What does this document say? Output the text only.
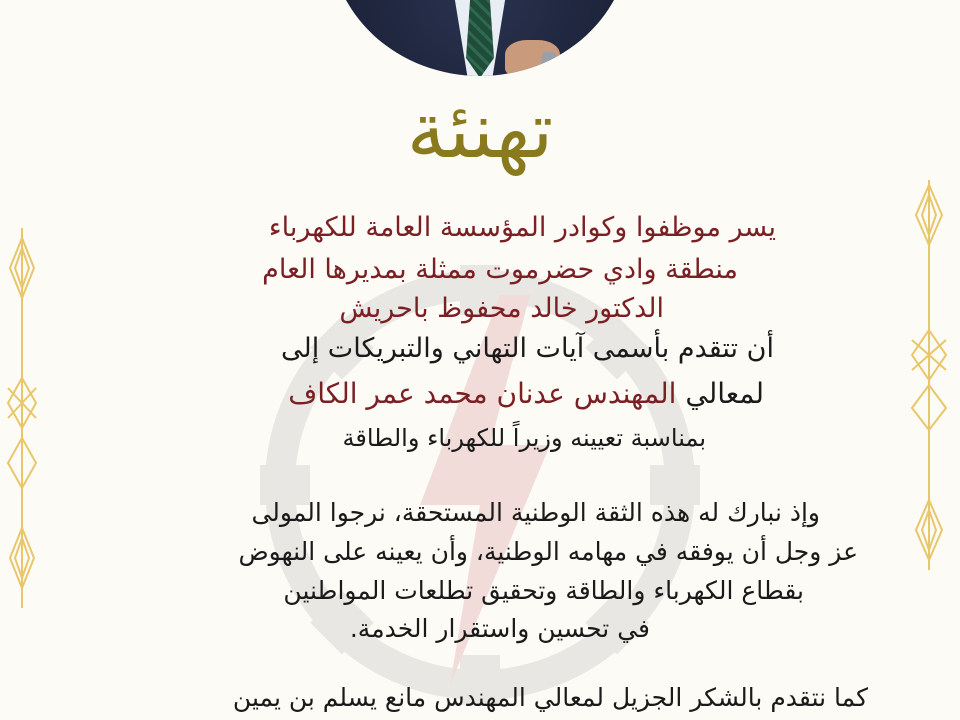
تهنئة
يسر موظفوا وكوادر المؤسسة العامة للكهرباء
منطقة وادي حضرموت ممثلة بمديرها العام
الدكتور خالد محفوظ باحريش
أن تتقدم بأسمى آيات التهاني والتبريكات إلى
لمعالي المهندس عدنان محمد عمر الكاف
بمناسبة تعيينه وزيراً للكهرباء والطاقة
وإذ نبارك له هذه الثقة الوطنية المستحقة، نرجوا المولى
عز وجل أن يوفقه في مهامه الوطنية، وأن يعينه على النهوض
بقطاع الكهرباء والطاقة وتحقيق تطلعات المواطنين
في تحسين واستقرار الخدمة.
كما نتقدم بالشكر الجزيل لمعالي المهندس مانع يسلم بن يمين
